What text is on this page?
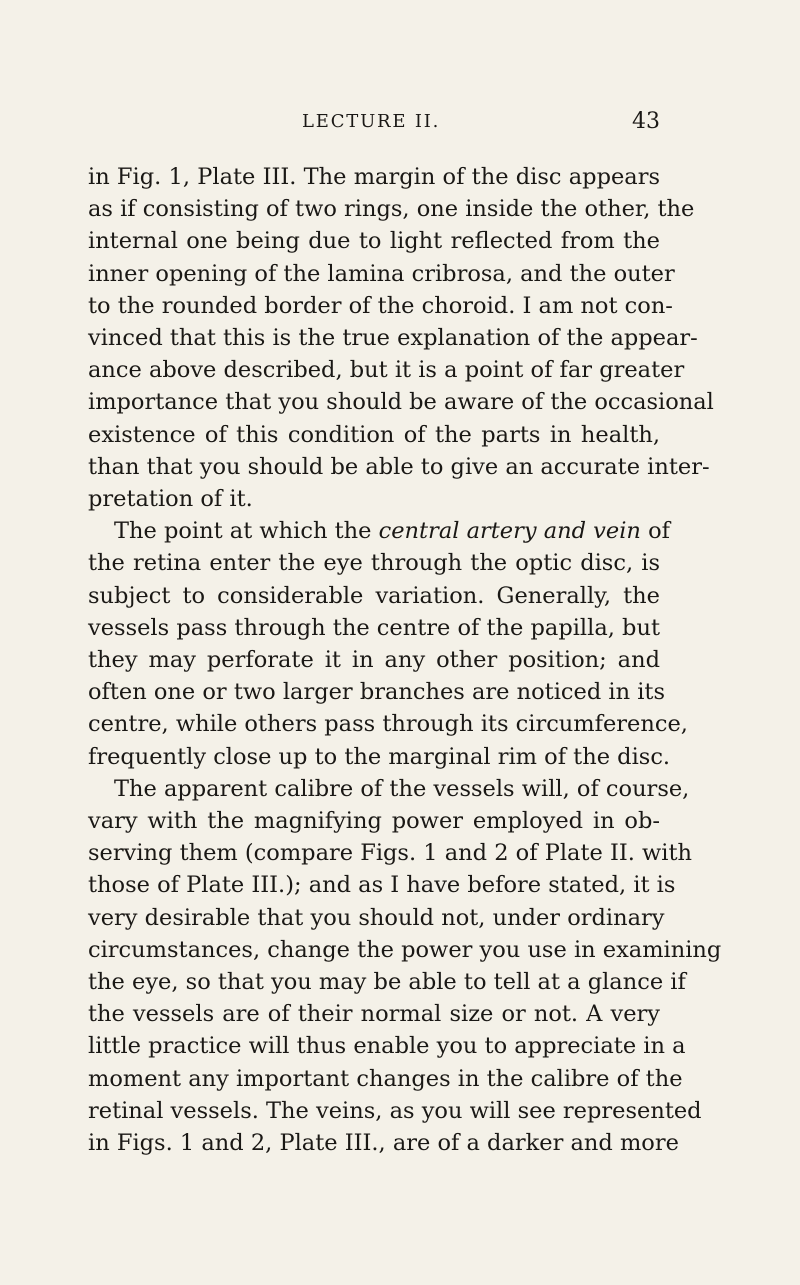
LECTURE II.	43
in Fig. 1, Plate III. The margin of the disc appears
as if consisting of two rings, one inside the other, the
internal one being due to light reflected from the
inner opening of the lamina cribrosa, and the outer
to the rounded border of the choroid. I am not con-
vinced that this is the true explanation of the appear-
ance above described, but it is a point of far greater
importance that you should be aware of the occasional
existence of this condition of the parts in health,
than that you should be able to give an accurate inter-
pretation of it.
The point at which the central artery and vein of
the retina enter the eye through the optic disc, is
subject to considerable variation. Generally, the
vessels pass through the centre of the papilla, but
they may perforate it in any other position; and
often one or two larger branches are noticed in its
centre, while others pass through its circumference,
frequently close up to the marginal rim of the disc.
The apparent calibre of the vessels will, of course,
vary with the magnifying power employed in ob-
serving them (compare Figs. 1 and 2 of Plate II. with
those of Plate III.); and as I have before stated, it is
very desirable that you should not, under ordinary
circumstances, change the power you use in examining
the eye, so that you may be able to tell at a glance if
the vessels are of their normal size or not. A very
little practice will thus enable you to appreciate in a
moment any important changes in the calibre of the
retinal vessels. The veins, as you will see represented
in Figs. 1 and 2, Plate III., are of a darker and more
